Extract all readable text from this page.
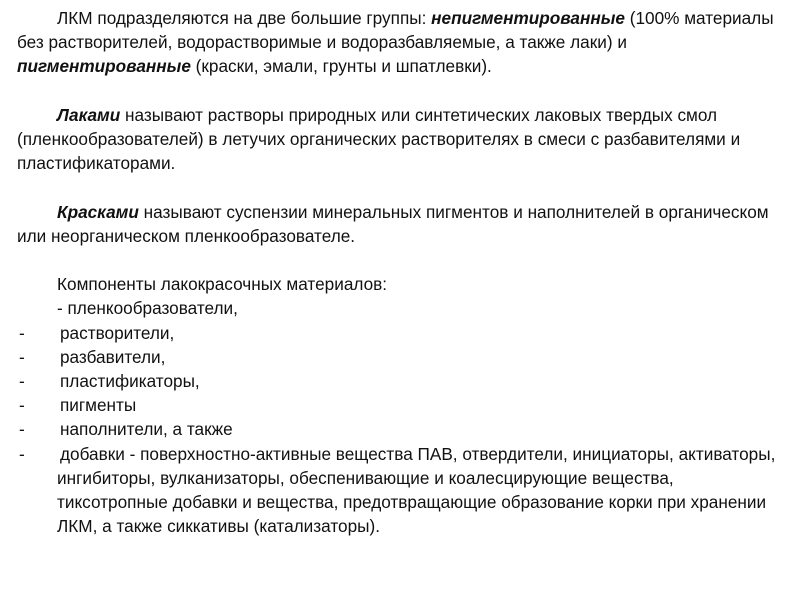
ЛКМ подразделяются на две большие группы: непигментированные (100% материалы без растворителей, водорастворимые и водоразбавляемые, а также лаки) и пигментированные (краски, эмали, грунты и шпатлевки).

Лаками называют растворы природных или синтетических лаковых твердых смол (пленкообразователей) в летучих органических растворителях в смеси с разбавителями и пластификаторами.

Красками называют суспензии минеральных пигментов и наполнителей в органическом или неорганическом пленкообразователе.

Компоненты лакокрасочных материалов:

- пленкообразователи,

- растворители,
- разбавители,
- пластификаторы,
- пигменты
- наполнители, а также
- добавки - поверхностно-активные вещества ПАВ, отвердители, инициаторы, активаторы, ингибиторы, вулканизаторы, обеспенивающие и коалесцирующие вещества, тиксотропные добавки и вещества, предотвращающие образование корки при хранении ЛКМ, а также сиккативы (катализаторы).
